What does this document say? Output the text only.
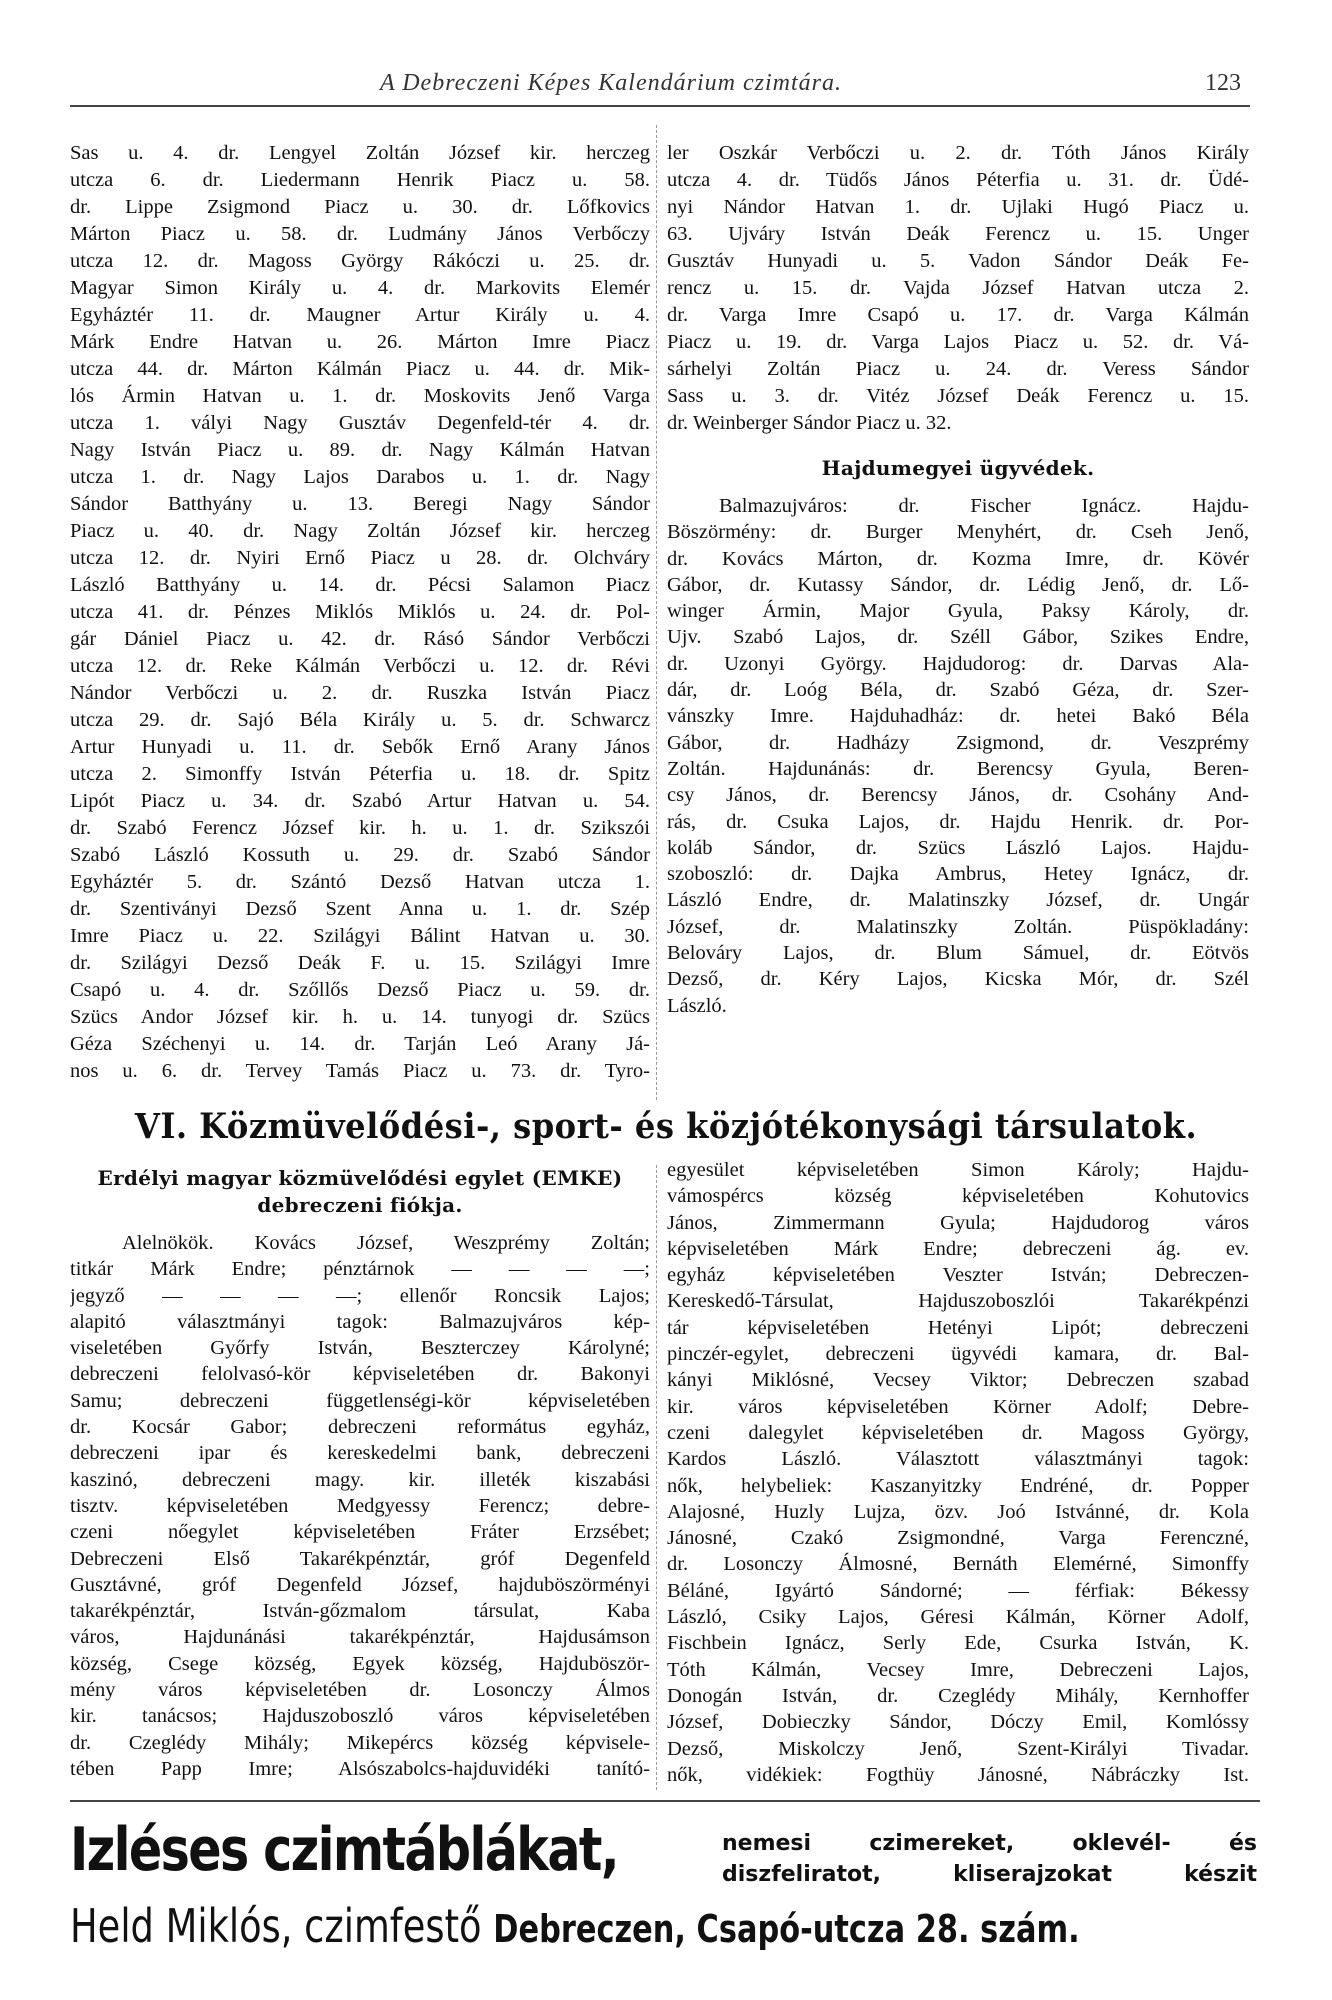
A Debreczeni Képes Kalendárium czimtára.	123
Sas u. 4. dr. Lengyel Zoltán József kir. herczeg
utcza 6. dr. Liedermann Henrik Piacz u. 58.
dr. Lippe Zsigmond Piacz u. 30. dr. Lőfkovics
Márton Piacz u. 58. dr. Ludmány János Verbőczy
utcza 12. dr. Magoss György Rákóczi u. 25. dr.
Magyar Simon Király u. 4. dr. Markovits Elemér
Egyháztér 11. dr. Maugner Artur Király u. 4.
Márk Endre Hatvan u. 26. Márton Imre Piacz
utcza 44. dr. Márton Kálmán Piacz u. 44. dr. Mik-
lós Ármin Hatvan u. 1. dr. Moskovits Jenő Varga
utcza 1. vályi Nagy Gusztáv Degenfeld-tér 4. dr.
Nagy István Piacz u. 89. dr. Nagy Kálmán Hatvan
utcza 1. dr. Nagy Lajos Darabos u. 1. dr. Nagy
Sándor Batthyány u. 13. Beregi Nagy Sándor
Piacz u. 40. dr. Nagy Zoltán József kir. herczeg
utcza 12. dr. Nyiri Ernő Piacz u 28. dr. Olchváry
László Batthyány u. 14. dr. Pécsi Salamon Piacz
utcza 41. dr. Pénzes Miklós Miklós u. 24. dr. Pol-
gár Dániel Piacz u. 42. dr. Rásó Sándor Verbőczi
utcza 12. dr. Reke Kálmán Verbőczi u. 12. dr. Révi
Nándor Verbőczi u. 2. dr. Ruszka István Piacz
utcza 29. dr. Sajó Béla Király u. 5. dr. Schwarcz
Artur Hunyadi u. 11. dr. Sebők Ernő Arany János
utcza 2. Simonffy István Péterfia u. 18. dr. Spitz
Lipót Piacz u. 34. dr. Szabó Artur Hatvan u. 54.
dr. Szabó Ferencz József kir. h. u. 1. dr. Szikszói
Szabó László Kossuth u. 29. dr. Szabó Sándor
Egyháztér 5. dr. Szántó Dezső Hatvan utcza 1.
dr. Szentiványi Dezső Szent Anna u. 1. dr. Szép
Imre Piacz u. 22. Szilágyi Bálint Hatvan u. 30.
dr. Szilágyi Dezső Deák F. u. 15. Szilágyi Imre
Csapó u. 4. dr. Szőllős Dezső Piacz u. 59. dr.
Szücs Andor József kir. h. u. 14. tunyogi dr. Szücs
Géza Széchenyi u. 14. dr. Tarján Leó Arany Já-
nos u. 6. dr. Tervey Tamás Piacz u. 73. dr. Tyro-
ler Oszkár Verbőczi u. 2. dr. Tóth János Király
utcza 4. dr. Tüdős János Péterfia u. 31. dr. Üdé-
nyi Nándor Hatvan 1. dr. Ujlaki Hugó Piacz u.
63. Ujváry István Deák Ferencz u. 15. Unger
Gusztáv Hunyadi u. 5. Vadon Sándor Deák Fe-
rencz u. 15. dr. Vajda József Hatvan utcza 2.
dr. Varga Imre Csapó u. 17. dr. Varga Kálmán
Piacz u. 19. dr. Varga Lajos Piacz u. 52. dr. Vá-
sárhelyi Zoltán Piacz u. 24. dr. Veress Sándor
Sass u. 3. dr. Vitéz József Deák Ferencz u. 15.
dr. Weinberger Sándor Piacz u. 32.
Hajdumegyei ügyvédek.
Balmazujváros: dr. Fischer Ignácz. Hajdu-
Böszörmény: dr. Burger Menyhért, dr. Cseh Jenő,
dr. Kovács Márton, dr. Kozma Imre, dr. Kövér
Gábor, dr. Kutassy Sándor, dr. Lédig Jenő, dr. Lő-
winger Ármin, Major Gyula, Paksy Károly, dr.
Ujv. Szabó Lajos, dr. Széll Gábor, Szikes Endre,
dr. Uzonyi György. Hajdudorog: dr. Darvas Ala-
dár, dr. Loóg Béla, dr. Szabó Géza, dr. Szer-
vánszky Imre. Hajduhadház: dr. hetei Bakó Béla
Gábor, dr. Hadházy Zsigmond, dr. Veszprémy
Zoltán. Hajdunánás: dr. Berencsy Gyula, Beren-
csy János, dr. Berencsy János, dr. Csohány And-
rás, dr. Csuka Lajos, dr. Hajdu Henrik. dr. Por-
koláb Sándor, dr. Szücs László Lajos. Hajdu-
szoboszló: dr. Dajka Ambrus, Hetey Ignácz, dr.
László Endre, dr. Malatinszky József, dr. Ungár
József, dr. Malatinszky Zoltán. Püspökladány:
Belováry Lajos, dr. Blum Sámuel, dr. Eötvös
Dezső, dr. Kéry Lajos, Kicska Mór, dr. Szél
László.
VI. Közmüvelődési-, sport- és közjótékonysági társulatok.
Erdélyi magyar közmüvelődési egylet (EMKE)
debreczeni fiókja.
Alelnökök. Kovács József, Weszprémy Zoltán;
titkár Márk Endre; pénztárnok — — — —;
jegyző — — — —; ellenőr Roncsik Lajos;
alapitó választmányi tagok: Balmazujváros kép-
viseletében Győrfy István, Beszterczey Károlyné;
debreczeni felolvasó-kör képviseletében dr. Bakonyi
Samu; debreczeni függetlenségi-kör képviseletében
dr. Kocsár Gabor; debreczeni református egyház,
debreczeni ipar és kereskedelmi bank, debreczeni
kaszinó, debreczeni magy. kir. illeték kiszabási
tisztv. képviseletében Medgyessy Ferencz; debre-
czeni nőegylet képviseletében Fráter Erzsébet;
Debreczeni Első Takarékpénztár, gróf Degenfeld
Gusztávné, gróf Degenfeld József, hajduböszörményi
takarékpénztár, István-gőzmalom társulat, Kaba
város, Hajdunánási takarékpénztár, Hajdusámson
község, Csege község, Egyek község, Hajduböször-
mény város képviseletében dr. Losonczy Álmos
kir. tanácsos; Hajduszoboszló város képviseletében
dr. Czeglédy Mihály; Mikepércs község képvisele-
tében Papp Imre; Alsószabolcs-hajduvidéki tanító-
egyesület képviseletében Simon Károly; Hajdu-
vámospércs község képviseletében Kohutovics
János, Zimmermann Gyula; Hajdudorog város
képviseletében Márk Endre; debreczeni ág. ev.
egyház képviseletében Veszter István; Debreczen-
Kereskedő-Társulat, Hajduszoboszlói Takarékpénzi
tár képviseletében Hetényi Lipót; debreczeni
pinczér-egylet, debreczeni ügyvédi kamara, dr. Bal-
kányi Miklósné, Vecsey Viktor; Debreczen szabad
kir. város képviseletében Körner Adolf; Debre-
czeni dalegylet képviseletében dr. Magoss György,
Kardos László. Választott választmányi tagok:
nők, helybeliek: Kaszanyitzky Endréné, dr. Popper
Alajosné, Huzly Lujza, özv. Joó Istvánné, dr. Kola
Jánosné, Czakó Zsigmondné, Varga Ferenczné,
dr. Losonczy Álmosné, Bernáth Elemérné, Simonffy
Béláné, Igyártó Sándorné; — férfiak: Békessy
László, Csiky Lajos, Géresi Kálmán, Körner Adolf,
Fischbein Ignácz, Serly Ede, Csurka István, K.
Tóth Kálmán, Vecsey Imre, Debreczeni Lajos,
Donogán István, dr. Czeglédy Mihály, Kernhoffer
József, Dobieczky Sándor, Dóczy Emil, Komlóssy
Dezső, Miskolczy Jenő, Szent-Királyi Tivadar.
nők, vidékiek: Fogthüy Jánosné, Nábráczky Ist.
Izléses czimtáblákat,	nemesi czimereket, oklevél- és
diszfeliratot, kliserajzokat készit
Held Miklós, czimfestő Debreczen, Csapó-utcza 28. szám.
